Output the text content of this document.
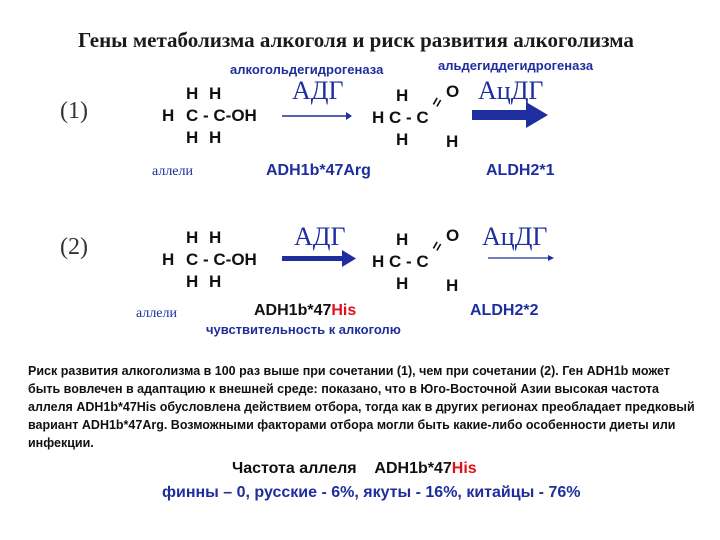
Гены метаболизма алкоголя и риск развития алкоголизма
алкогольдегидрогеназа	альдегиддегидрогеназа
(1)
H H
H C - C-OH
H H
АДГ	H
H C - C
H
O
=
H
АцДГ
аллели	ADH1b*47Arg	ALDH2*1
(2)	H H
H C - C-OH
H H
АДГ	H
H C - C
H
O
=
H
АцДГ
аллели	ADH1b*47His	ALDH2*2
чувствительность к алкоголю
Риск развития алкоголизма в 100 раз выше при сочетании (1), чем при сочетании (2). Ген ADH1b может быть вовлечен в адаптацию к внешней среде: показано, что в Юго-Восточной Азии высокая частота аллеля ADH1b*47His обусловлена действием отбора, тогда как в других регионах преобладает предковый вариант ADH1b*47Arg. Возможными факторами отбора могли быть какие-либо особенности диеты или инфекции.
Частота аллеля ADH1b*47His
финны – 0, русские - 6%, якуты - 16%, китайцы - 76%
